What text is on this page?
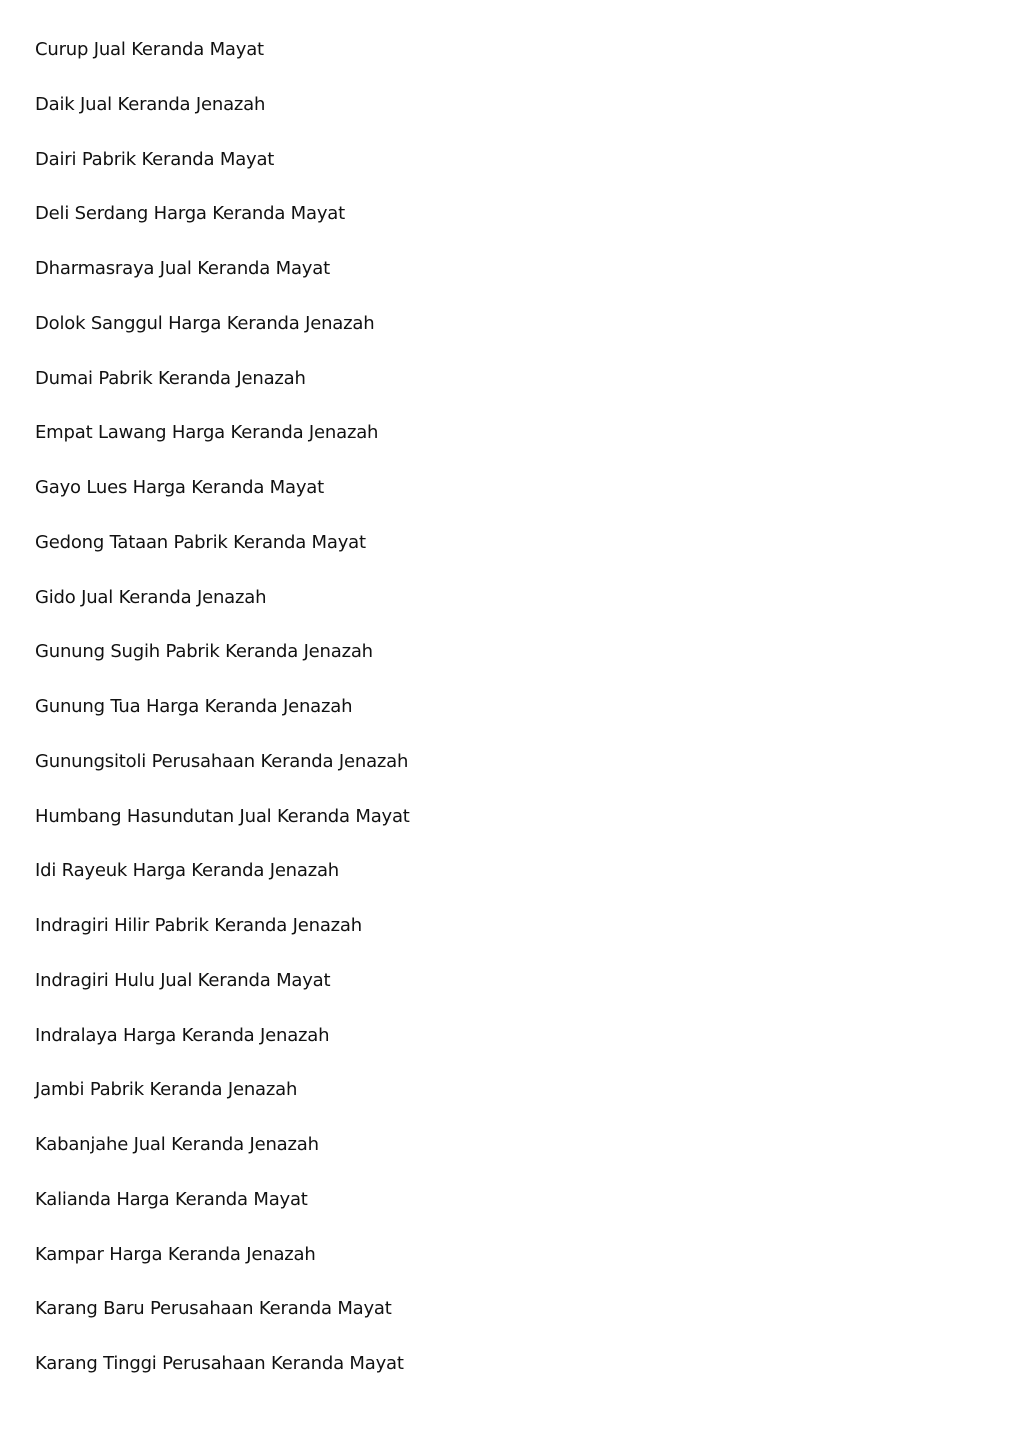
Curup Jual Keranda Mayat
Daik Jual Keranda Jenazah
Dairi Pabrik Keranda Mayat
Deli Serdang Harga Keranda Mayat
Dharmasraya Jual Keranda Mayat
Dolok Sanggul Harga Keranda Jenazah
Dumai Pabrik Keranda Jenazah
Empat Lawang Harga Keranda Jenazah
Gayo Lues Harga Keranda Mayat
Gedong Tataan Pabrik Keranda Mayat
Gido Jual Keranda Jenazah
Gunung Sugih Pabrik Keranda Jenazah
Gunung Tua Harga Keranda Jenazah
Gunungsitoli Perusahaan Keranda Jenazah
Humbang Hasundutan Jual Keranda Mayat
Idi Rayeuk Harga Keranda Jenazah
Indragiri Hilir Pabrik Keranda Jenazah
Indragiri Hulu Jual Keranda Mayat
Indralaya Harga Keranda Jenazah
Jambi Pabrik Keranda Jenazah
Kabanjahe Jual Keranda Jenazah
Kalianda Harga Keranda Mayat
Kampar Harga Keranda Jenazah
Karang Baru Perusahaan Keranda Mayat
Karang Tinggi Perusahaan Keranda Mayat
